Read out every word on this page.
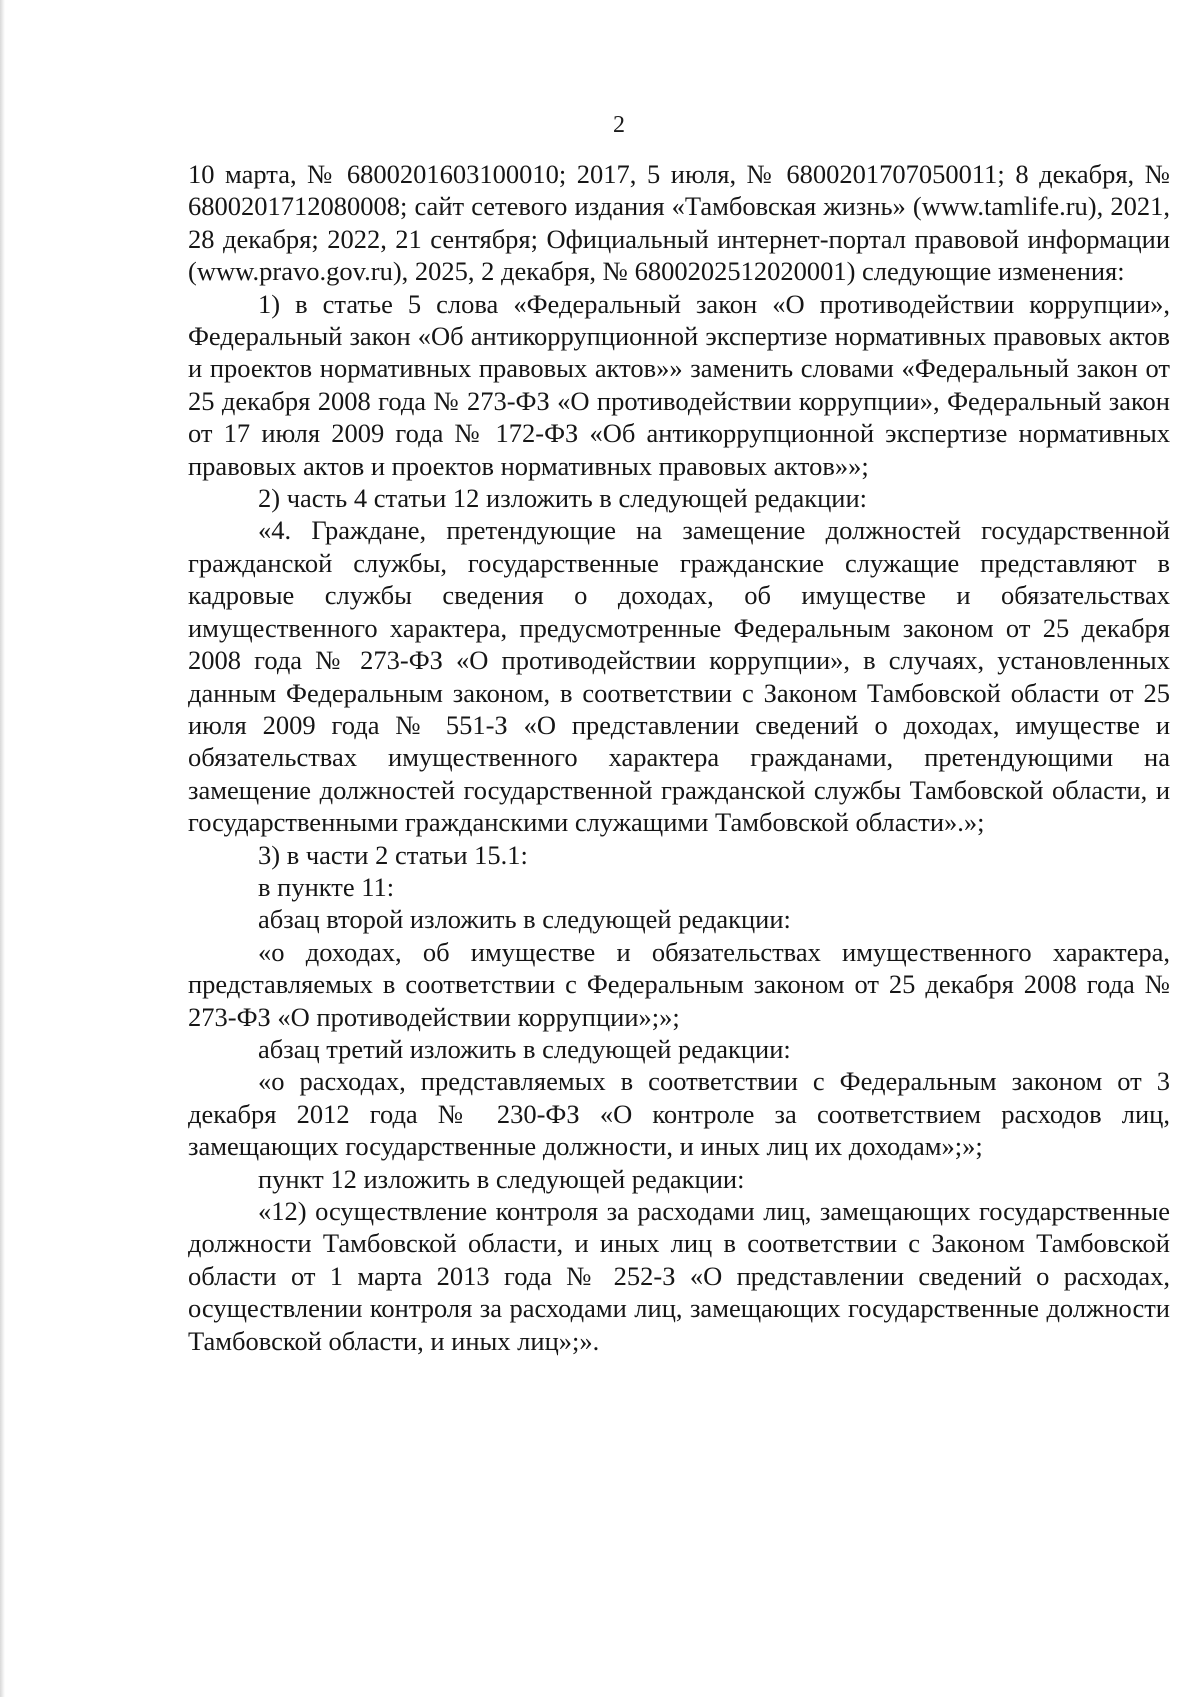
2

10 марта, № 6800201603100010; 2017, 5 июля, № 6800201707050011; 8 декабря, № 6800201712080008; сайт сетевого издания «Тамбовская жизнь» (www.tamlife.ru), 2021, 28 декабря; 2022, 21 сентября; Официальный интернет-портал правовой информации (www.pravo.gov.ru), 2025, 2 декабря, № 6800202512020001) следующие изменения:

1) в статье 5 слова «Федеральный закон «О противодействии коррупции», Федеральный закон «Об антикоррупционной экспертизе нормативных правовых актов и проектов нормативных правовых актов»» заменить словами «Федеральный закон от 25 декабря 2008 года № 273-ФЗ «О противодействии коррупции», Федеральный закон от 17 июля 2009 года № 172-ФЗ «Об антикоррупционной экспертизе нормативных правовых актов и проектов нормативных правовых актов»»;

2) часть 4 статьи 12 изложить в следующей редакции:

«4. Граждане, претендующие на замещение должностей государственной гражданской службы, государственные гражданские служащие представляют в кадровые службы сведения о доходах, об имуществе и обязательствах имущественного характера, предусмотренные Федеральным законом от 25 декабря 2008 года № 273-ФЗ «О противодействии коррупции», в случаях, установленных данным Федеральным законом, в соответствии с Законом Тамбовской области от 25 июля 2009 года № 551-З «О представлении сведений о доходах, имуществе и обязательствах имущественного характера гражданами, претендующими на замещение должностей государственной гражданской службы Тамбовской области, и государственными гражданскими служащими Тамбовской области».»;

3) в части 2 статьи 15.1:

в пункте 11:

абзац второй изложить в следующей редакции:

«о доходах, об имуществе и обязательствах имущественного характера, представляемых в соответствии с Федеральным законом от 25 декабря 2008 года № 273-ФЗ «О противодействии коррупции»;»;

абзац третий изложить в следующей редакции:

«о расходах, представляемых в соответствии с Федеральным законом от 3 декабря 2012 года № 230-ФЗ «О контроле за соответствием расходов лиц, замещающих государственные должности, и иных лиц их доходам»;»;

пункт 12 изложить в следующей редакции:

«12) осуществление контроля за расходами лиц, замещающих государственные должности Тамбовской области, и иных лиц в соответствии с Законом Тамбовской области от 1 марта 2013 года № 252-З «О представлении сведений о расходах, осуществлении контроля за расходами лиц, замещающих государственные должности Тамбовской области, и иных лиц»;».
